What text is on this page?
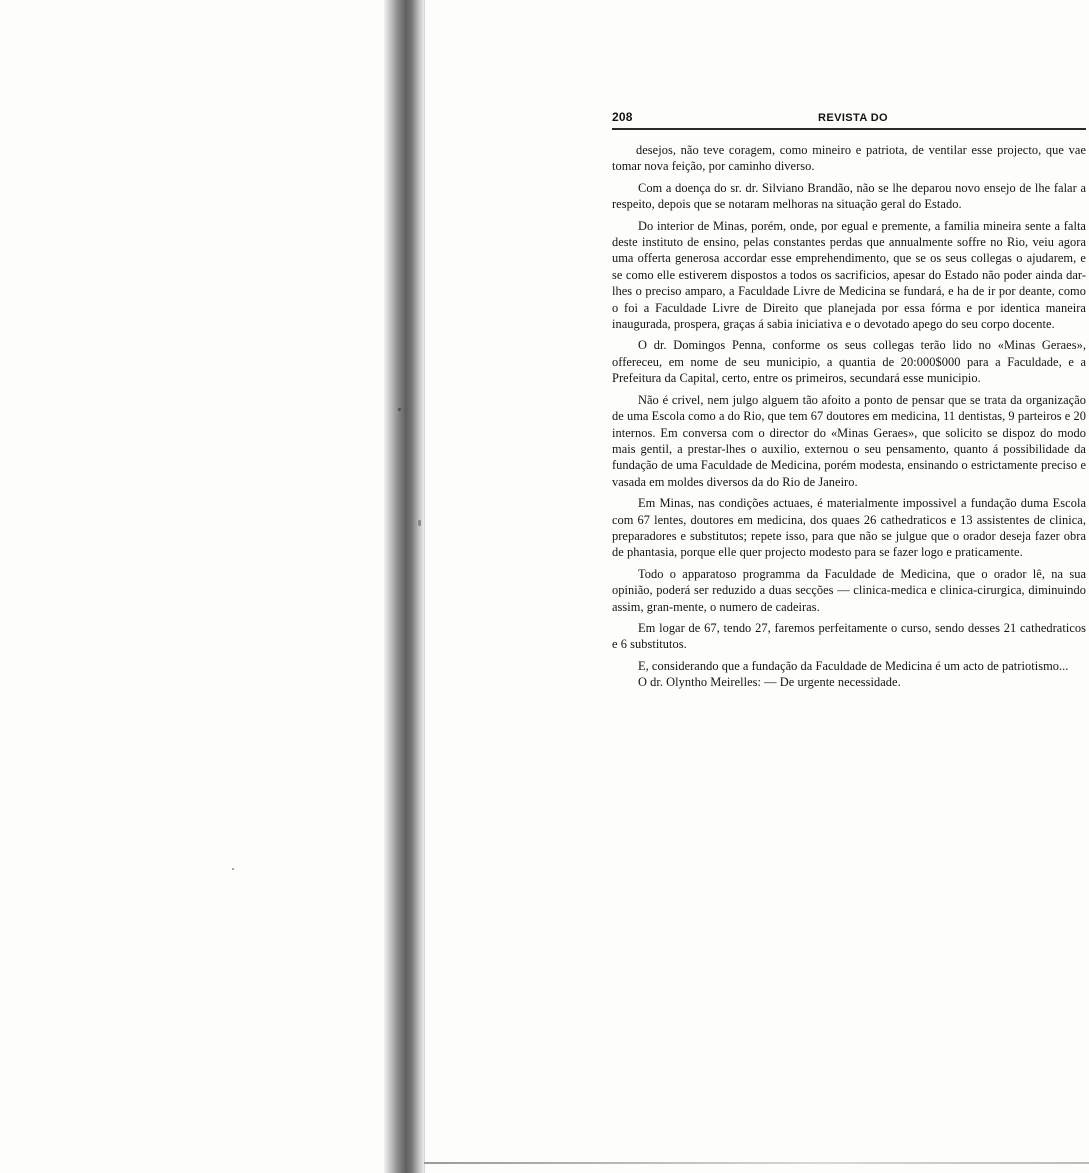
208	REVISTA DO

desejos, não teve coragem, como mineiro e patriota, de ventilar esse projecto, que vae tomar nova feição, por caminho diverso.

Com a doença do sr. dr. Silviano Brandão, não se lhe deparou novo ensejo de lhe falar a respeito, depois que se notaram melhoras na situação geral do Estado.

Do interior de Minas, porém, onde, por egual e premente, a familia mineira sente a falta deste instituto de ensino, pelas constantes perdas que annualmente soffre no Rio, veiu agora uma offerta generosa accordar esse emprehendimento, que se os seus collegas o ajudarem, e se como elle estiverem dispostos a todos os sacrificios, apesar do Estado não poder ainda dar-lhes o preciso amparo, a Faculdade Livre de Medicina se fundará, e ha de ir por deante, como o foi a Faculdade Livre de Direito que planejada por essa fórma e por identica maneira inaugurada, prospera, graças á sabia iniciativa e o devotado apego do seu corpo docente.

O dr. Domingos Penna, conforme os seus collegas terão lido no «Minas Geraes», offereceu, em nome de seu municipio, a quantia de 20:000$000 para a Faculdade, e a Prefeitura da Capital, certo, entre os primeiros, secundará esse municipio.

Não é crivel, nem julgo alguem tão afoito a ponto de pensar que se trata da organização de uma Escola como a do Rio, que tem 67 doutores em medicina, 11 dentistas, 9 parteiros e 20 internos. Em conversa com o director do «Minas Geraes», que solicito se dispoz do modo mais gentil, a prestar-lhes o auxilio, externou o seu pensamento, quanto á possibilidade da fundação de uma Faculdade de Medicina, porém modesta, ensinando o estrictamente preciso e vasada em moldes diversos da do Rio de Janeiro.

Em Minas, nas condições actuaes, é materialmente impossivel a fundação duma Escola com 67 lentes, doutores em medicina, dos quaes 26 cathedraticos e 13 assistentes de clinica, preparadores e substitutos; repete isso, para que não se julgue que o orador deseja fazer obra de phantasia, porque elle quer projecto modesto para se fazer logo e praticamente.

Todo o apparatoso programma da Faculdade de Medicina, que o orador lê, na sua opinião, poderá ser reduzido a duas secções — clinica-medica e clinica-cirurgica, diminuindo assim, gran-mente, o numero de cadeiras.

Em logar de 67, tendo 27, faremos perfeitamente o curso, sendo desses 21 cathedraticos e 6 substitutos.

E, considerando que a fundação da Faculdade de Medicina é um acto de patriotismo...

O dr. Olyntho Meirelles: — De urgente necessidade.
